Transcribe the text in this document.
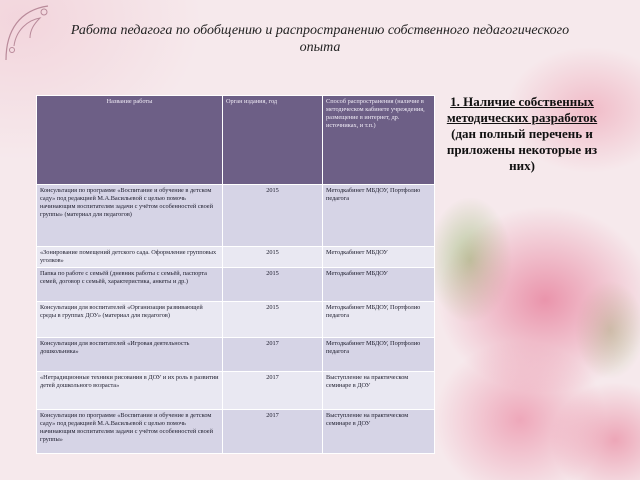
Работа педагога по обобщению и распространению собственного педагогического опыта
1. Наличие собственных методических разработок
(дан полный перечень и приложены некоторые из них)
Название работы	Орган издания, год	Способ распространения (наличие в методическом кабинете учреждения, размещение в интернет, др. источниках, и т.п.)
Консультация по программе «Воспитание и обучение в детском саду» под редакцией М.А.Васильевой с целью помочь начинающим воспитателям задачи с учётом особенностей своей группы» (материал для педагогов)	2015	Методкабинет МБДОУ, Портфолио педагога
«Зонирование помещений детского сада. Оформление групповых уголков»	2015	Методкабинет МБДОУ
Папка по работе с семьёй (дневник работы с семьёй, паспорта семей, договор с семьёй, характеристика, анкеты и др.)	2015	Методкабинет МБДОУ
Консультация для воспитателей «Организация развивающей среды в группах ДОУ» (материал для педагогов)	2015	Методкабинет МБДОУ, Портфолио педагога
Консультация для воспитателей «Игровая деятельность дошкольника»	2017	Методкабинет МБДОУ, Портфолио педагога
«Нетрадиционные техники рисования в ДОУ и их роль в развитии детей дошкольного возраста»	2017	Выступление на практическом семинаре в ДОУ
Консультация по программе «Воспитание и обучение в детском саду» под редакцией М.А.Васильевой с целью помочь начинающим воспитателям задачи с учётом особенностей своей группы»	2017	Выступление на практическом семинаре в ДОУ
